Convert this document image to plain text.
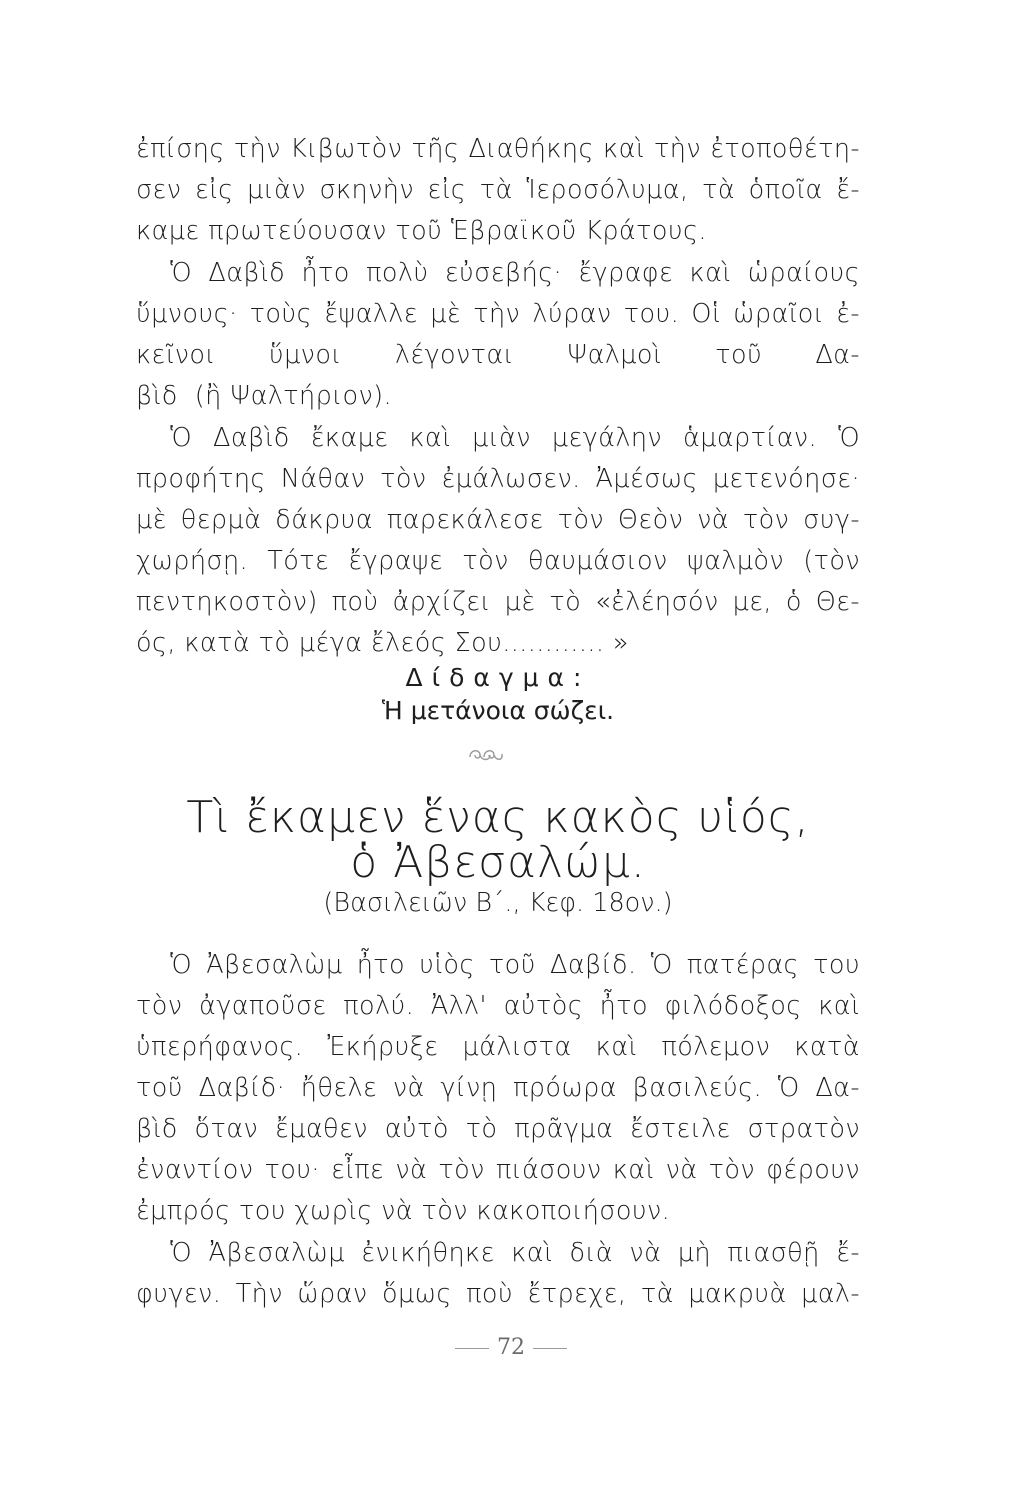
ἐπίσης τὴν Κιβωτὸν τῆς Διαθήκης καὶ τὴν ἐτοποθέτη-
σεν εἰς μιὰν σκηνὴν εἰς τὰ Ἱεροσόλυμα, τὰ ὁποῖα ἔ-
καμε πρωτεύουσαν τοῦ Ἑβραϊκοῦ Κράτους.
Ὁ Δαβὶδ ἦτο πολὺ εὐσεβής· ἔγραφε καὶ ὡραίους
ὕμνους· τοὺς ἔψαλλε μὲ τὴν λύραν του. Οἱ ὡραῖοι ἐ-
κεῖνοι ὕμνοι λέγονται Ψαλμοὶ τοῦ Δα-
βὶδ  (ἢ Ψαλτήριον).
Ὁ Δαβὶδ ἔκαμε καὶ μιὰν μεγάλην ἁμαρτίαν. Ὁ
προφήτης Νάθαν τὸν ἐμάλωσεν. Ἀμέσως μετενόησε·
μὲ θερμὰ δάκρυα παρεκάλεσε τὸν Θεὸν νὰ τὸν συγ-
χωρήσῃ. Τότε ἔγραψε τὸν θαυμάσιον ψαλμὸν (τὸν
πεντηκοστὸν) ποὺ ἀρχίζει μὲ τὸ «ἐλέησόν με, ὁ Θε-
ός, κατὰ τὸ μέγα ἔλεός Σου............ »
Δίδαγμα:
Ἡ μετάνοια σώζει.
Τὶ ἔκαμεν ἕνας κακὸς υἱός,
ὁ Ἀβεσαλώμ.
(Βασιλειῶν Β΄., Κεφ. 18ον.)
Ὁ Ἀβεσαλὼμ ἦτο υἱὸς τοῦ Δαβίδ. Ὁ πατέρας του
τὸν ἀγαποῦσε πολύ. Ἀλλ' αὐτὸς ἦτο φιλόδοξος καὶ
ὑπερήφανος. Ἐκήρυξε μάλιστα καὶ πόλεμον κατὰ
τοῦ Δαβίδ· ἤθελε νὰ γίνῃ πρόωρα βασιλεύς. Ὁ Δα-
βὶδ ὅταν ἔμαθεν αὐτὸ τὸ πρᾶγμα ἔστειλε στρατὸν
ἐναντίον του· εἶπε νὰ τὸν πιάσουν καὶ νὰ τὸν φέρουν
ἐμπρός του χωρὶς νὰ τὸν κακοποιήσουν.
Ὁ Ἀβεσαλὼμ ἐνικήθηκε καὶ διὰ νὰ μὴ πιασθῇ ἔ-
φυγεν. Τὴν ὥραν ὅμως ποὺ ἔτρεχε, τὰ μακρυὰ μαλ-
72
